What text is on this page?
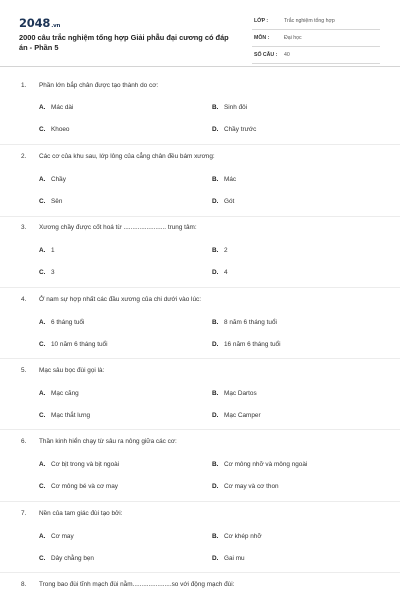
2048.vn
2000 câu trắc nghiệm tổng hợp Giải phẫu đại cương có đáp án - Phần 5
LỚP :	Trắc nghiệm tổng hợp
MÔN :	Đại học
SỐ CÂU : 40
1. Phần lớn bắp chân được tạo thành do cơ:
A. Mác dài	B. Sinh đôi
C. Khoeo	D. Chầy trước
2. Các cơ của khu sau, lớp lông của cẳng chân đều bám xương:
A. Chầy	B. Mác
C. Sên	D. Gót
3. Xương chầy được cốt hoá từ ........................ trung tâm:
A. 1	B. 2
C. 3	D. 4
4. Ở nam sự hợp nhất các đầu xương của chi dưới vào lúc:
A. 6 tháng tuổi	B. 8 năm 6 tháng tuổi
C. 10 năm 6 tháng tuổi	D. 16 năm 6 tháng tuổi
5. Mạc sâu bọc đùi gọi là:
A. Mạc căng	B. Mạc Dartos
C. Mạc thắt lưng	D. Mạc Camper
6. Thần kinh hiển chạy từ sâu ra nông giữa các cơ:
A. Cơ bịt trong và bịt ngoài	B. Cơ mông nhỡ và mông ngoài
C. Cơ mông bé và cơ may	D. Cơ may và cơ thon
7. Nền của tam giác đùi tạo bởi:
A. Cơ may	B. Cơ khép nhỡ
C. Dây chằng bẹn	D. Gai mu
8. Trong bao đùi tĩnh mạch đùi nằm......................so với động mạch đùi:
